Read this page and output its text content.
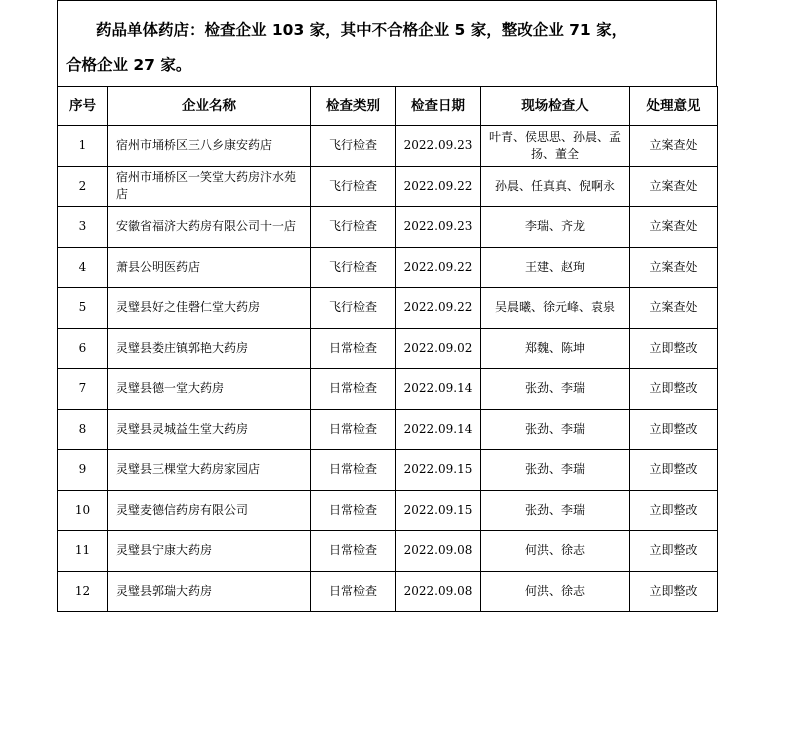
药品单体药店：检查企业 103 家，其中不合格企业 5 家，整改企业 71 家，
合格企业 27 家。
序号	企业名称	检查类别	检查日期	现场检查人	处理意见
1	宿州市埇桥区三八乡康安药店	飞行检查	2022.09.23	叶青、侯思思、孙晨、孟扬、董全	立案查处
2	宿州市埇桥区一笑堂大药房汴水苑店	飞行检查	2022.09.22	孙晨、任真真、倪啊永	立案查处
3	安徽省福济大药房有限公司十一店	飞行检查	2022.09.23	李瑞、齐龙	立案查处
4	萧县公明医药店	飞行检查	2022.09.22	王建、赵珣	立案查处
5	灵璧县好之佳磬仁堂大药房	飞行检查	2022.09.22	吴晨曦、徐元峰、袁泉	立案查处
6	灵璧县娄庄镇郭艳大药房	日常检查	2022.09.02	郑魏、陈坤	立即整改
7	灵璧县德一堂大药房	日常检查	2022.09.14	张劲、李瑞	立即整改
8	灵璧县灵城益生堂大药房	日常检查	2022.09.14	张劲、李瑞	立即整改
9	灵璧县三棵堂大药房家园店	日常检查	2022.09.15	张劲、李瑞	立即整改
10	灵璧麦德信药房有限公司	日常检查	2022.09.15	张劲、李瑞	立即整改
11	灵璧县宁康大药房	日常检查	2022.09.08	何洪、徐志	立即整改
12	灵璧县郭瑞大药房	日常检查	2022.09.08	何洪、徐志	立即整改
